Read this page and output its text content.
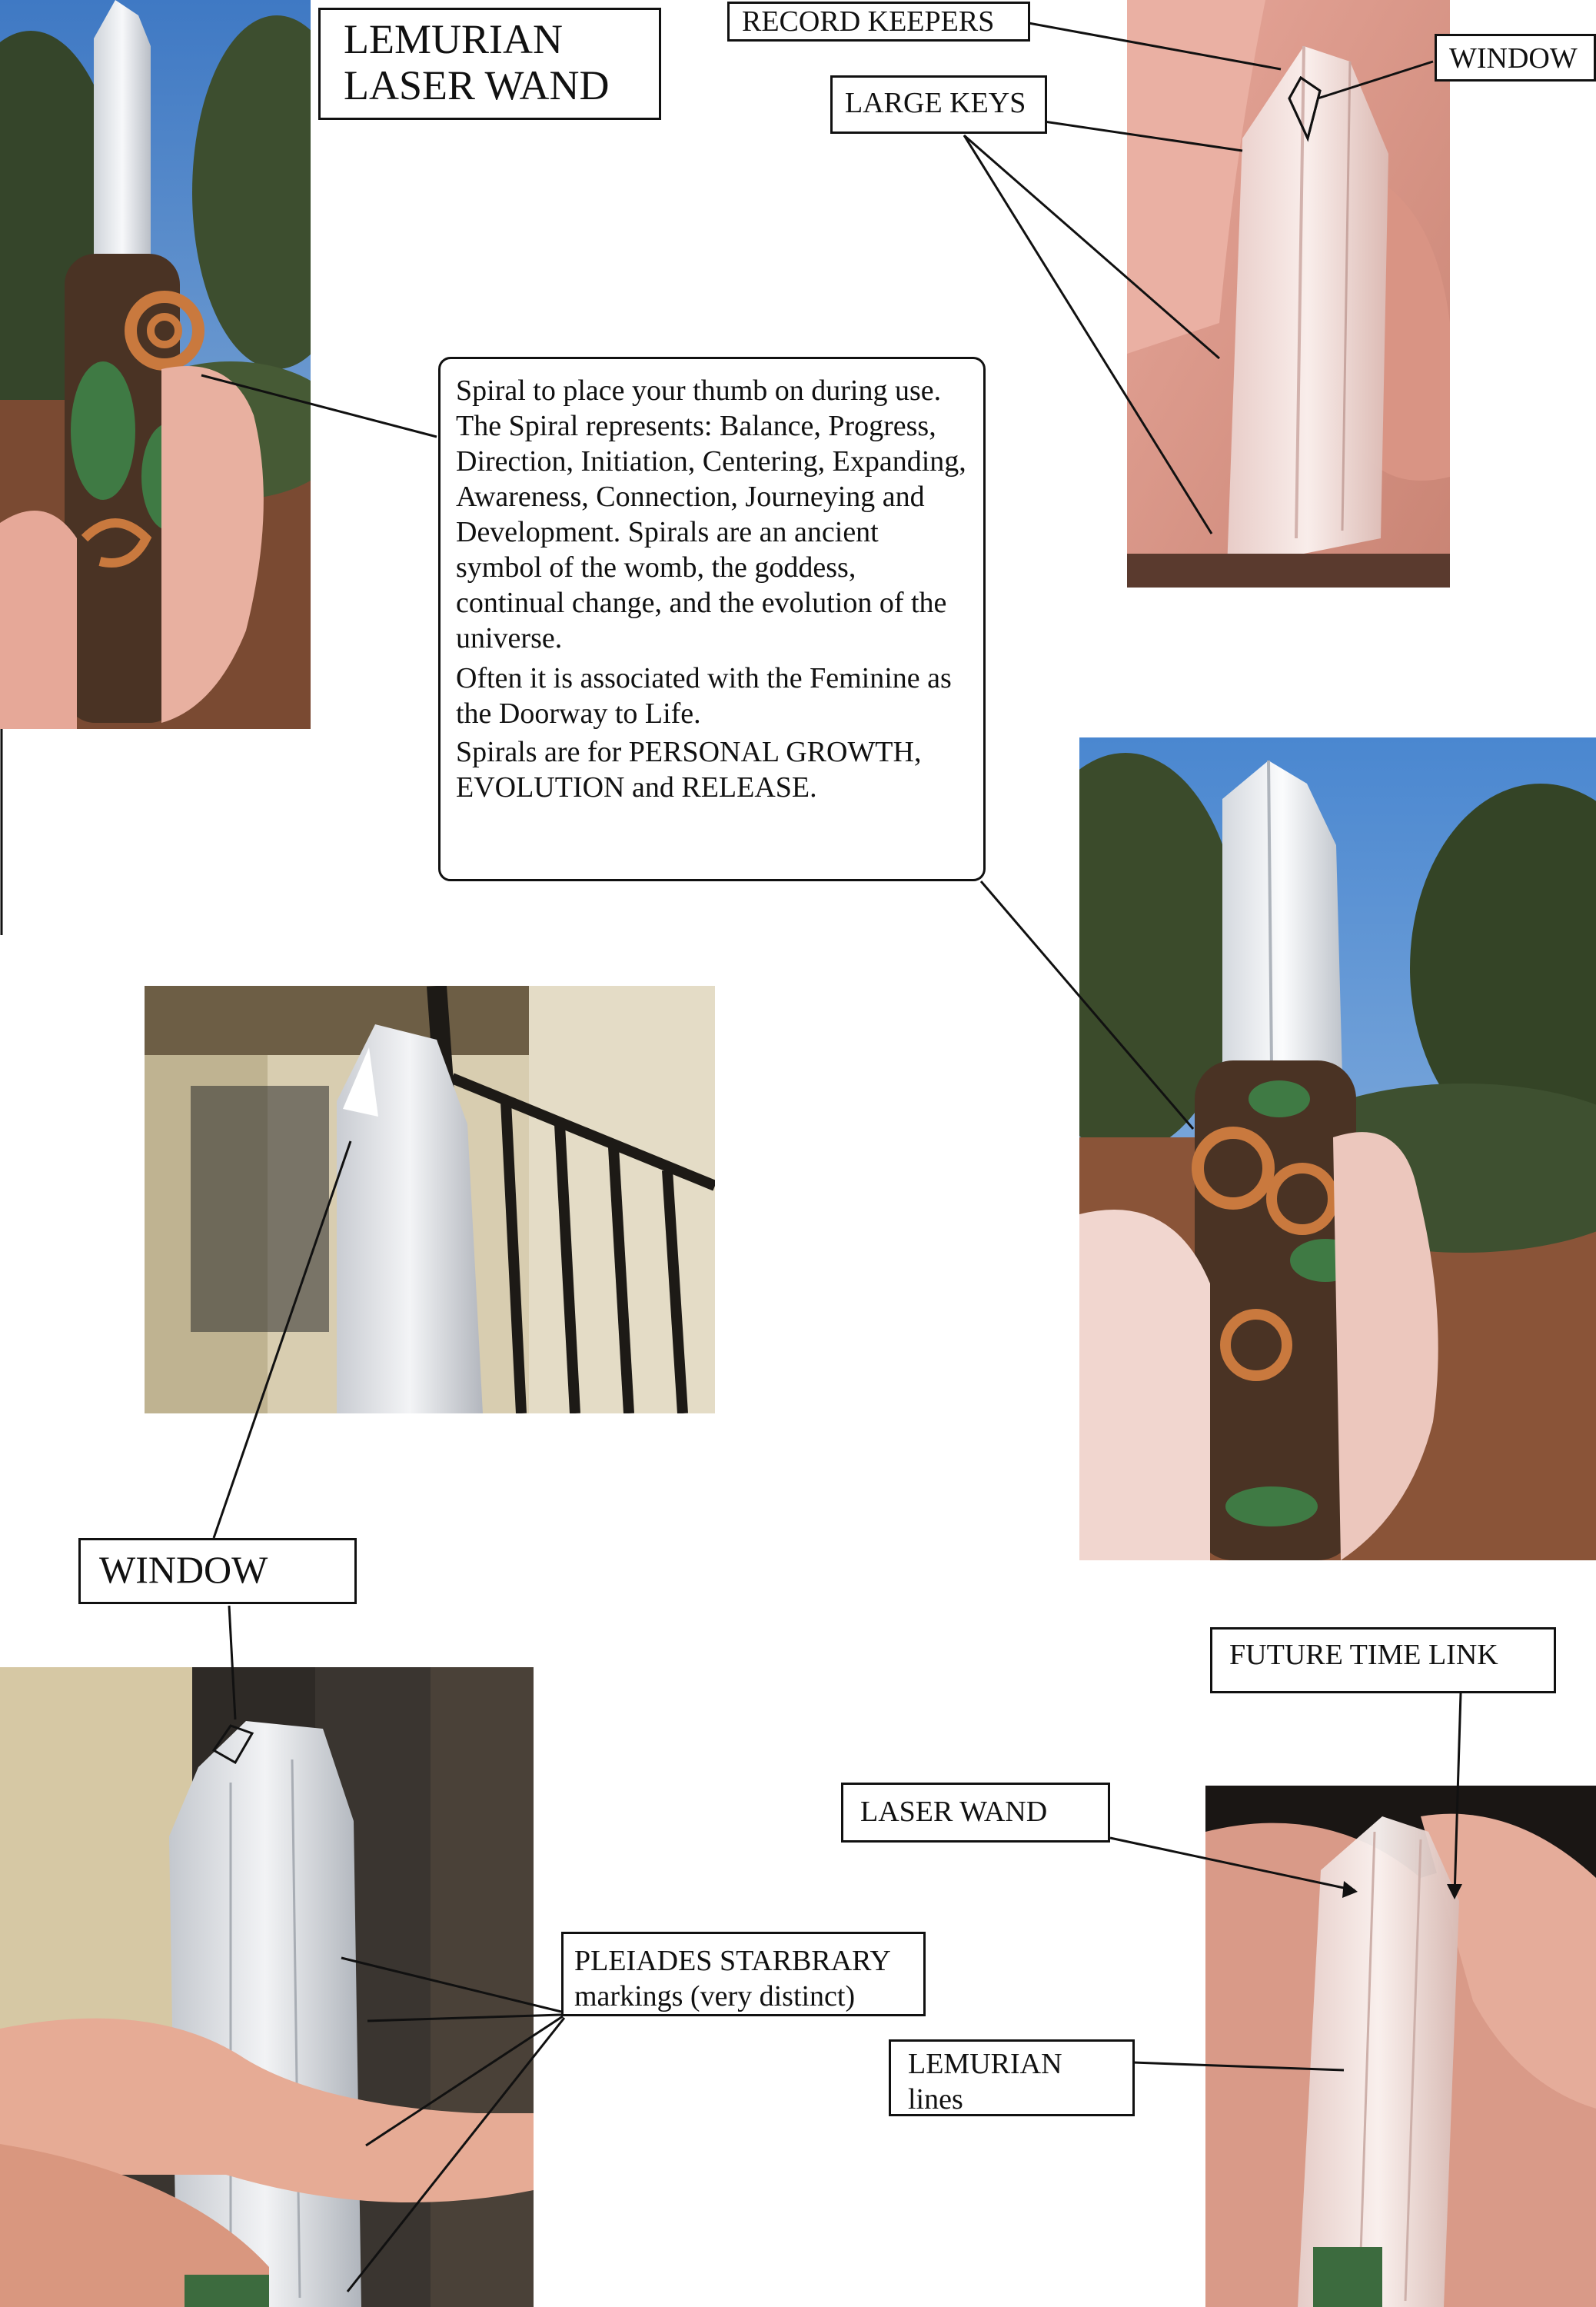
LEMURIAN
LASER WAND
RECORD KEEPERS
WINDOW
LARGE KEYS
WINDOW
PLEIADES STARBRARY
markings (very distinct)
FUTURE TIME LINK
LASER WAND
LEMURIAN
lines

Spiral to place your thumb on during use. The Spiral represents: Balance, Progress, Direction, Initiation, Centering, Expanding, Awareness, Connection, Journeying and Development. Spirals are an ancient symbol of the womb, the goddess, continual change, and the evolution of the universe.

Often it is associated with the Feminine as the Doorway to Life.

Spirals are for PERSONAL GROWTH, EVOLUTION and RELEASE.
